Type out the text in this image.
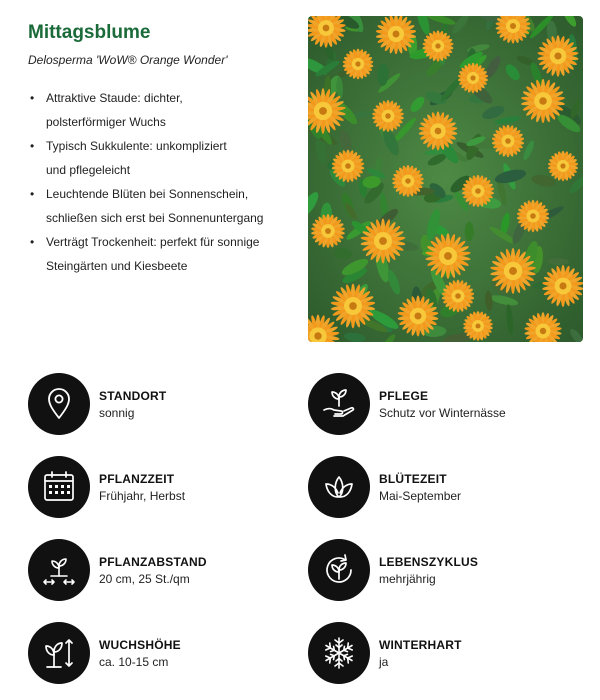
Mittagsblume
Delosperma 'WoW® Orange Wonder'
• Attraktive Staude: dichter,
polsterförmiger Wuchs
• Typisch Sukkulente: unkompliziert
und pflegeleicht
• Leuchtende Blüten bei Sonnenschein,
schließen sich erst bei Sonnenuntergang
• Verträgt Trockenheit: perfekt für sonnige
Steingärten und Kiesbeete
STANDORT
sonnig
PFLEGE
Schutz vor Winternässe
PFLANZZEIT
Frühjahr, Herbst
BLÜTEZEIT
Mai-September
PFLANZABSTAND
20 cm, 25 St./qm
LEBENSZYKLUS
mehrjährig
WUCHSHÖHE
ca. 10-15 cm
WINTERHART
ja
